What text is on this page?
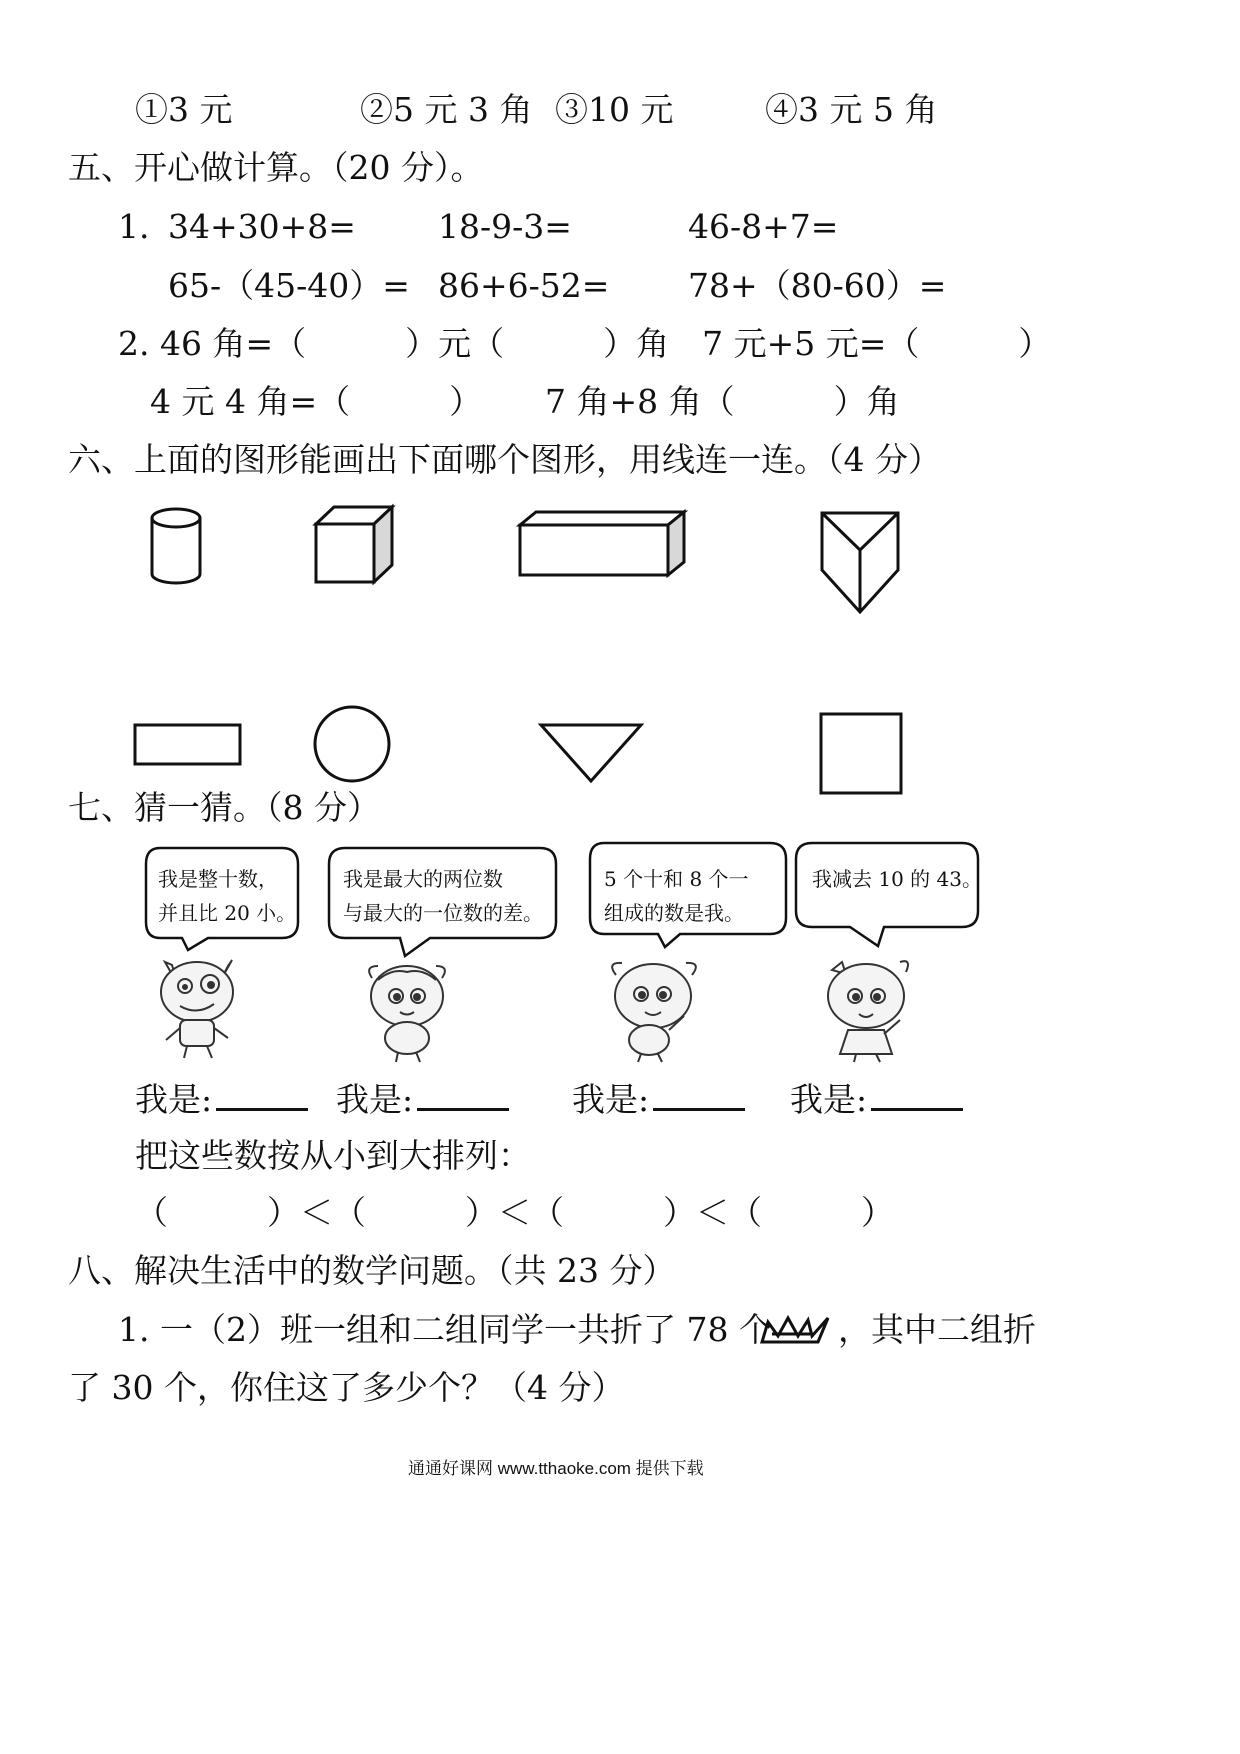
①3 元	②5 元 3 角 ③10 元	④3 元 5 角
五、开心做计算。（20 分）。
1. 34+30+8= 18-9-3=	46-8+7=
65-（45-40）= 86+6-52= 78+（80-60）=
2. 46 角=（　　　）元（　　　）角　7 元+5 元=（　　　）
4 元 4 角=（　　　） 7 角+8 角（　　　）角
六、上面的图形能画出下面哪个图形，用线连一连。（4 分）
我是整十数，
并且比 20 小。
我是最大的两位数
与最大的一位数的差。
5 个十和 8 个一
组成的数是我。
我减去 10 的 43。
七、猜一猜。（8 分）
我是:	我是:	我是:	我是:
把这些数按从小到大排列：
（　　　）＜（　　　）＜（　　　）＜（　　　）
八、解决生活中的数学问题。（共 23 分）
1. 一（2）班一组和二组同学一共折了 78 个 ，其中二组折
了 30 个，你住这了多少个？（4 分）
通通好课网 www.tthaoke.com 提供下载
